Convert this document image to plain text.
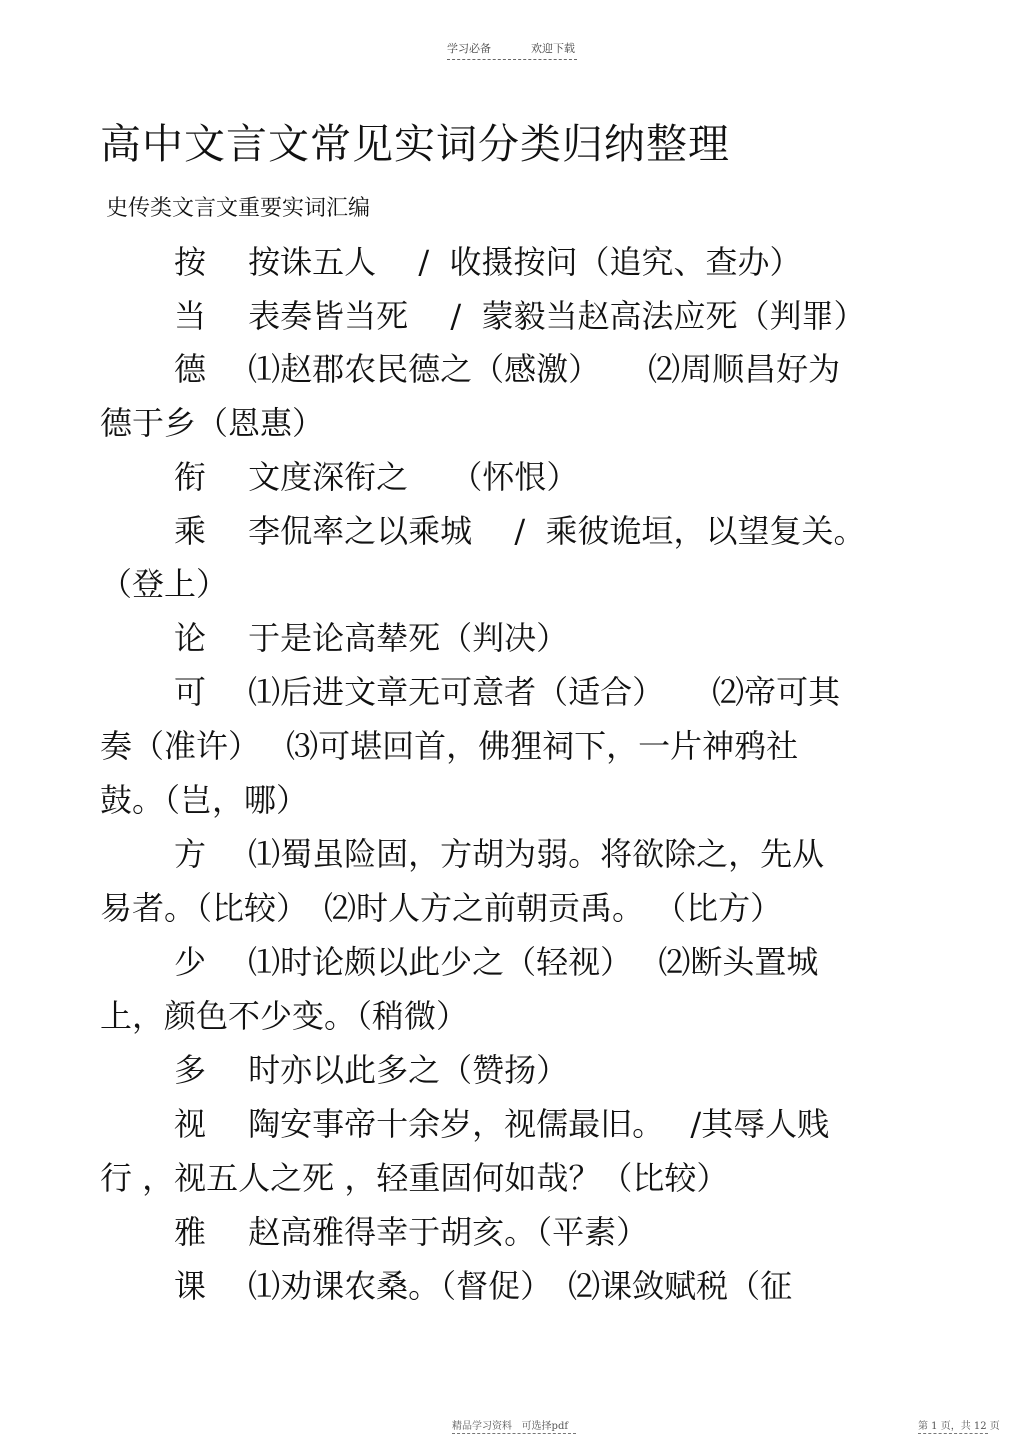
学习必备	欢迎下载
高中文言文常见实词分类归纳整理
史传类文言文重要实词汇编
按　 按诛五人　 /  收摄按问（追究、查办）
当　 表奏皆当死　 /  蒙毅当赵高法应死（判罪）
德　 ⑴赵郡农民德之（感激）　　⑵周顺昌好为
德于乡（恩惠）
衔　 文度深衔之　 （怀恨）
乘　 李侃率之以乘城　 /  乘彼诡垣，以望复关。
（登上）
论　 于是论高辇死（判决）
可　 ⑴后进文章无可意者（适合）　　⑵帝可其
奏（准许）　 ⑶可堪回首，佛狸祠下，一片神鸦社
鼓。（岂，哪）
方　 ⑴蜀虽险固，方胡为弱。将欲除之，先从
易者。（比较）　⑵时人方之前朝贡禹。 （比方）
少　 ⑴时论颇以此少之（轻视）　 ⑵断头置城
上，颜色不少变。（稍微）
多　 时亦以此多之（赞扬）
视　 陶安事帝十余岁，视儒最旧。　 /其辱人贱
行 ，视五人之死 ，轻重固何如哉？（比较）
雅　 赵高雅得幸于胡亥。（平素）
课　 ⑴劝课农桑。（督促）　⑵课敛赋税（征
精品学习资料 可选择pdf	第 1 页，共 12 页
